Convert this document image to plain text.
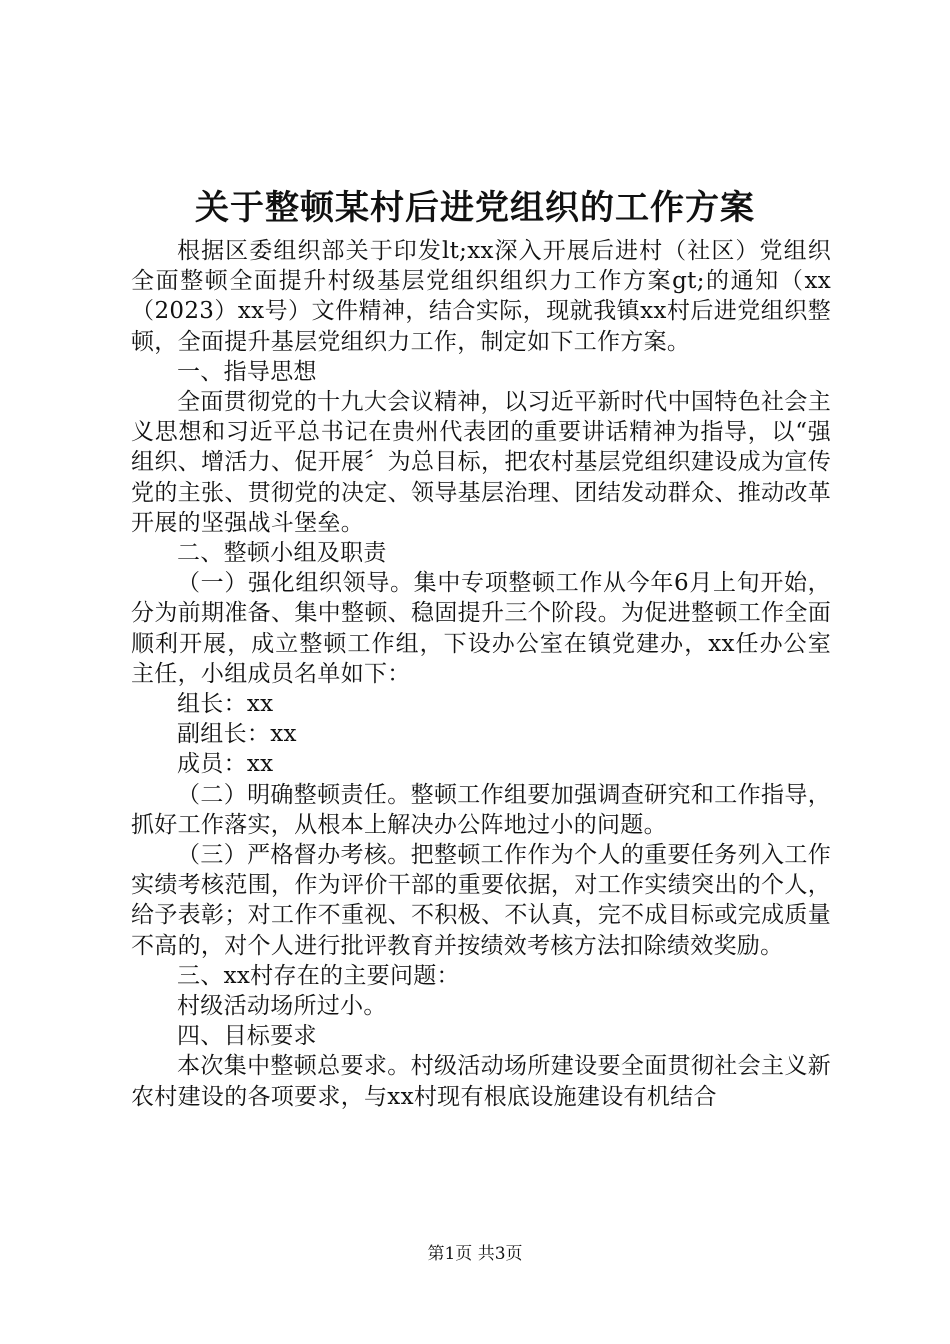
关于整顿某村后进党组织的工作方案

根据区委组织部关于印发lt;xx深入开展后进村（社区）党组织全面整顿全面提升村级基层党组织组织力工作方案gt;的通知（xx（2023）xx号）文件精神，结合实际，现就我镇xx村后进党组织整顿，全面提升基层党组织力工作，制定如下工作方案。

一、指导思想

全面贯彻党的十九大会议精神，以习近平新时代中国特色社会主义思想和习近平总书记在贵州代表团的重要讲话精神为指导，以“强组织、增活力、促开展〞为总目标，把农村基层党组织建设成为宣传党的主张、贯彻党的决定、领导基层治理、团结发动群众、推动改革开展的坚强战斗堡垒。

二、整顿小组及职责

（一）强化组织领导。集中专项整顿工作从今年6月上旬开始，分为前期准备、集中整顿、稳固提升三个阶段。为促进整顿工作全面顺利开展，成立整顿工作组，下设办公室在镇党建办，xx任办公室主任，小组成员名单如下：

组长：xx

副组长：xx

成员：xx

（二）明确整顿责任。整顿工作组要加强调查研究和工作指导，抓好工作落实，从根本上解决办公阵地过小的问题。

（三）严格督办考核。把整顿工作作为个人的重要任务列入工作实绩考核范围，作为评价干部的重要依据，对工作实绩突出的个人，给予表彰；对工作不重视、不积极、不认真，完不成目标或完成质量不高的，对个人进行批评教育并按绩效考核方法扣除绩效奖励。

三、xx村存在的主要问题：

村级活动场所过小。

四、目标要求

本次集中整顿总要求。村级活动场所建设要全面贯彻社会主义新农村建设的各项要求，与xx村现有根底设施建设有机结合

第1页 共3页
